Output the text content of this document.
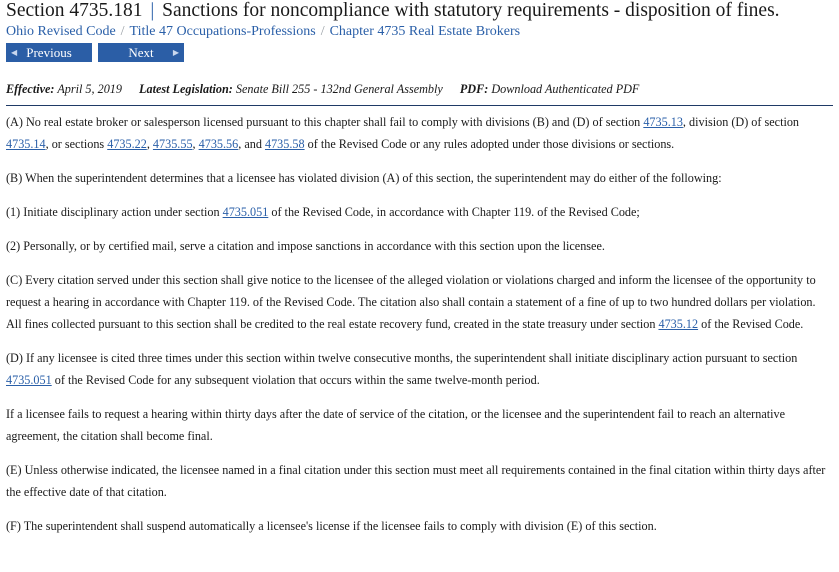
Section 4735.181 | Sanctions for noncompliance with statutory requirements - disposition of fines.
Ohio Revised Code / Title 47 Occupations-Professions / Chapter 4735 Real Estate Brokers
◀ Previous	Next ▶
Effective: April 5, 2019 Latest Legislation: Senate Bill 255 - 132nd General Assembly PDF: Download Authenticated PDF

(A) No real estate broker or salesperson licensed pursuant to this chapter shall fail to comply with divisions (B) and (D) of section 4735.13, division (D) of section 4735.14, or sections 4735.22, 4735.55, 4735.56, and 4735.58 of the Revised Code or any rules adopted under those divisions or sections.

(B) When the superintendent determines that a licensee has violated division (A) of this section, the superintendent may do either of the following:

(1) Initiate disciplinary action under section 4735.051 of the Revised Code, in accordance with Chapter 119. of the Revised Code;

(2) Personally, or by certified mail, serve a citation and impose sanctions in accordance with this section upon the licensee.

(C) Every citation served under this section shall give notice to the licensee of the alleged violation or violations charged and inform the licensee of the opportunity to request a hearing in accordance with Chapter 119. of the Revised Code. The citation also shall contain a statement of a fine of up to two hundred dollars per violation. All fines collected pursuant to this section shall be credited to the real estate recovery fund, created in the state treasury under section 4735.12 of the Revised Code.

(D) If any licensee is cited three times under this section within twelve consecutive months, the superintendent shall initiate disciplinary action pursuant to section 4735.051 of the Revised Code for any subsequent violation that occurs within the same twelve-month period.

If a licensee fails to request a hearing within thirty days after the date of service of the citation, or the licensee and the superintendent fail to reach an alternative agreement, the citation shall become final.

(E) Unless otherwise indicated, the licensee named in a final citation under this section must meet all requirements contained in the final citation within thirty days after the effective date of that citation.

(F) The superintendent shall suspend automatically a licensee's license if the licensee fails to comply with division (E) of this section.
